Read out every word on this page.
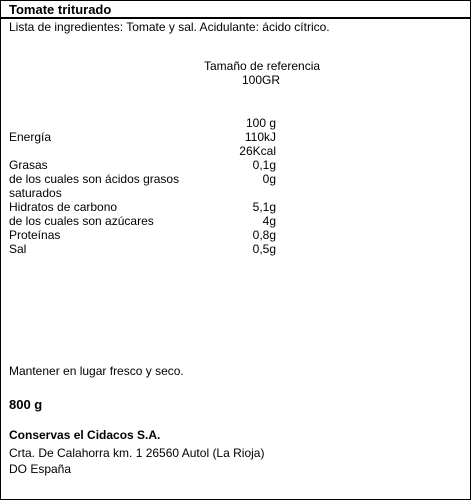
Tomate triturado
Lista de ingredientes: Tomate y sal. Acidulante: ácido cítrico.
Tamaño de referencia
100GR
100 g
Energía	110kJ
26Kcal
Grasas	0,1g
de los cuales son ácidos grasos	0g
saturados
Hidratos de carbono	5,1g
de los cuales son azúcares	4g
Proteínas	0,8g
Sal	0,5g
Mantener en lugar fresco y seco.
800 g
Conservas el Cidacos S.A.
Crta. De Calahorra km. 1 26560 Autol (La Rioja)
DO España
